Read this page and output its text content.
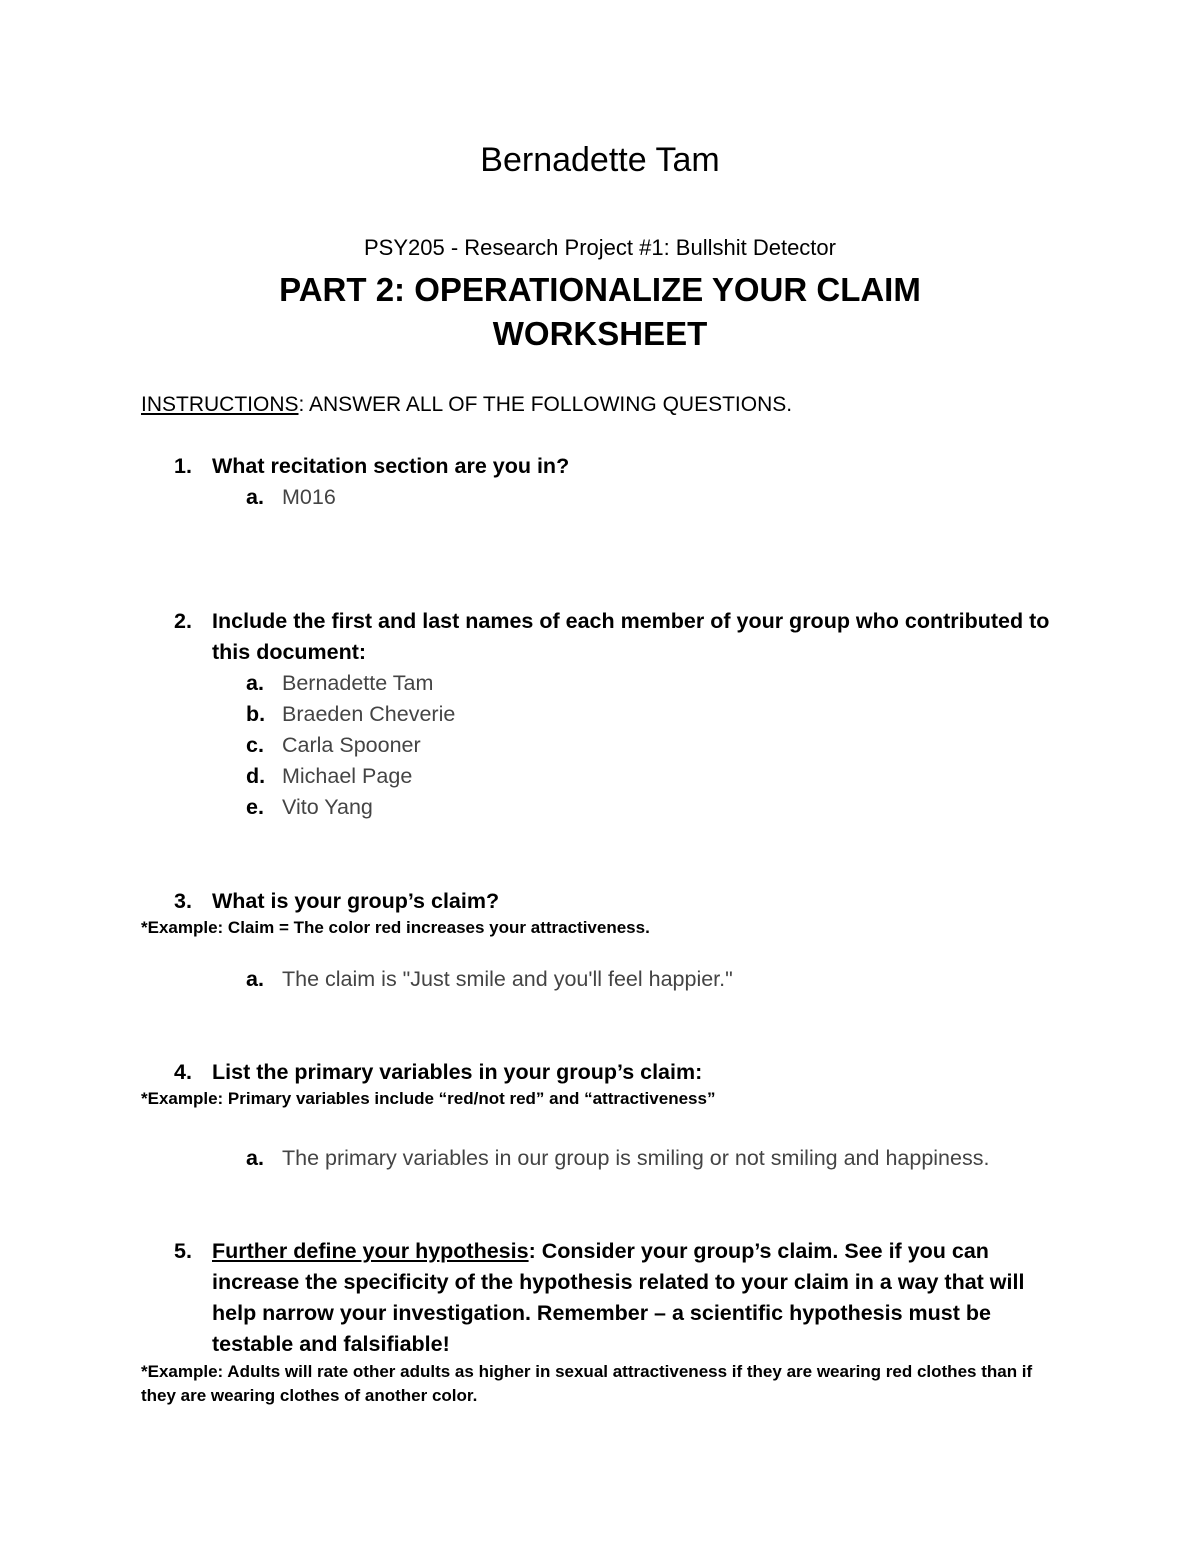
Bernadette Tam
PSY205 - Research Project #1: Bullshit Detector
PART 2: OPERATIONALIZE YOUR CLAIM
WORKSHEET
INSTRUCTIONS: ANSWER ALL OF THE FOLLOWING QUESTIONS.
1. What recitation section are you in?
a. M016
2. Include the first and last names of each member of your group who contributed to this document:
a. Bernadette Tam
b. Braeden Cheverie
c. Carla Spooner
d. Michael Page
e. Vito Yang
3. What is your group’s claim?
*Example: Claim = The color red increases your attractiveness.
a. The claim is "Just smile and you'll feel happier."
4. List the primary variables in your group’s claim:
*Example: Primary variables include “red/not red” and “attractiveness”
a. The primary variables in our group is smiling or not smiling and happiness.
5. Further define your hypothesis: Consider your group’s claim. See if you can increase the specificity of the hypothesis related to your claim in a way that will help narrow your investigation. Remember – a scientific hypothesis must be testable and falsifiable!
*Example: Adults will rate other adults as higher in sexual attractiveness if they are wearing red clothes than if they are wearing clothes of another color.
